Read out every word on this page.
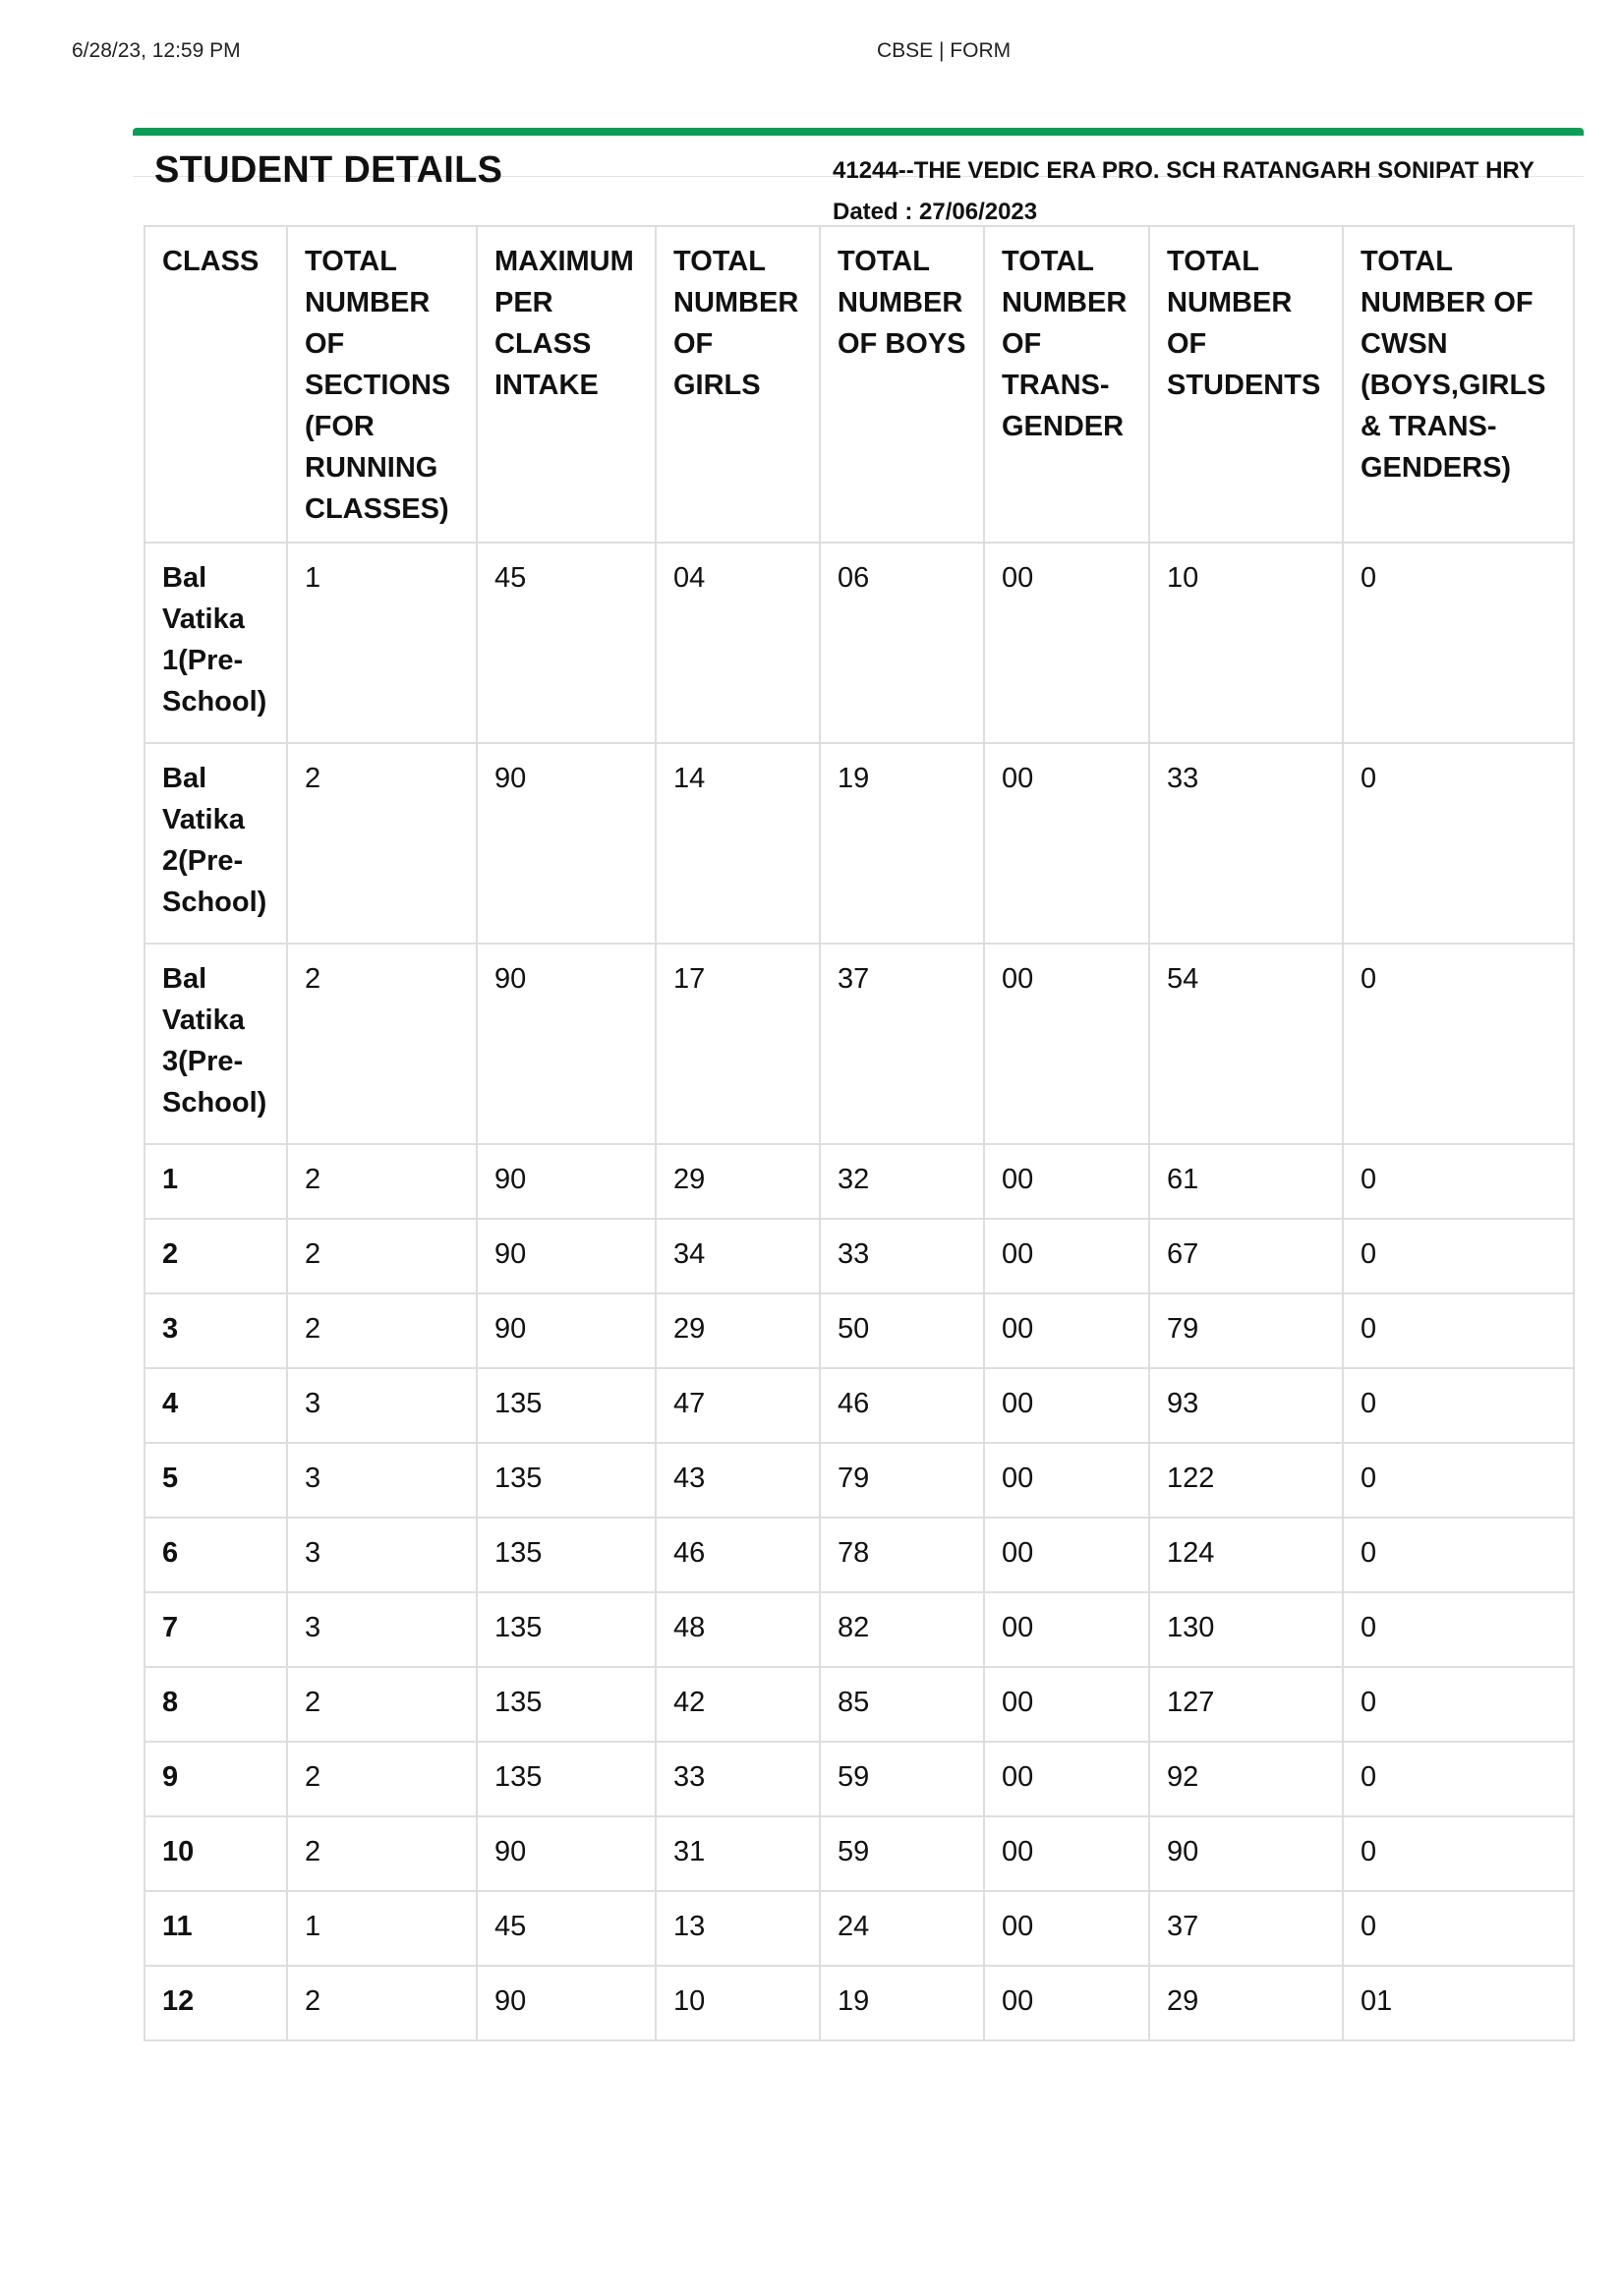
6/28/23, 12:59 PM	CBSE | FORM
STUDENT DETAILS	41244--THE VEDIC ERA PRO. SCH RATANGARH SONIPAT HRY
Dated : 27/06/2023
CLASS	TOTAL NUMBER OF SECTIONS (FOR RUNNING CLASSES)	MAXIMUM PER CLASS INTAKE	TOTAL NUMBER OF GIRLS	TOTAL NUMBER OF BOYS	TOTAL NUMBER OF TRANS-GENDER	TOTAL NUMBER OF STUDENTS	TOTAL NUMBER OF CWSN (BOYS,GIRLS & TRANS-GENDERS)
Bal Vatika 1(Pre-School)	1	45	04	06	00	10	0
Bal Vatika 2(Pre-School)	2	90	14	19	00	33	0
Bal Vatika 3(Pre-School)	2	90	17	37	00	54	0
1	2	90	29	32	00	61	0
2	2	90	34	33	00	67	0
3	2	90	29	50	00	79	0
4	3	135	47	46	00	93	0
5	3	135	43	79	00	122	0
6	3	135	46	78	00	124	0
7	3	135	48	82	00	130	0
8	2	135	42	85	00	127	0
9	2	135	33	59	00	92	0
10	2	90	31	59	00	90	0
11	1	45	13	24	00	37	0
12	2	90	10	19	00	29	01
